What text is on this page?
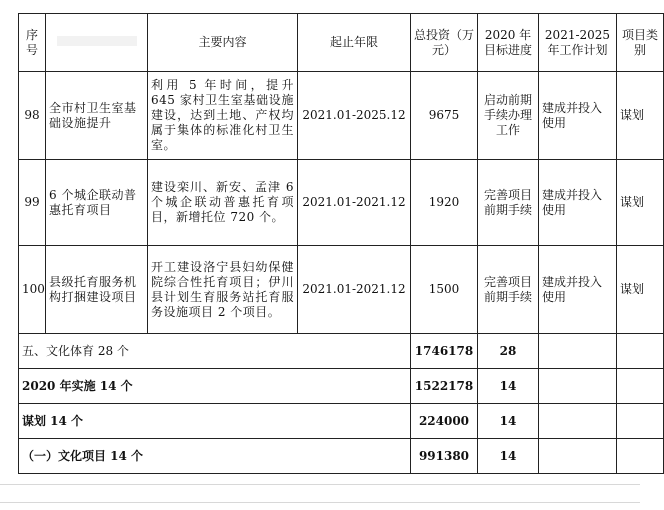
序号		主要内容	起止年限	总投资（万元）	2020 年目标进度	2021-2025 年工作计划	项目类别
98	全市村卫生室基础设施提升	利用 5 年时间，提升 645 家村卫生室基础设施建设，达到土地、产权均属于集体的标准化村卫生室。	2021.01-2025.12	9675	启动前期手续办理工作	建成并投入使用	谋划
99	6 个城企联动普惠托育项目	建设栾川、新安、孟津 6 个城企联动普惠托育项目，新增托位 720 个。	2021.01-2021.12	1920	完善项目前期手续	建成并投入使用	谋划
100	县级托育服务机构打捆建设项目	开工建设洛宁县妇幼保健院综合性托育项目；伊川县计划生育服务站托育服务设施项目 2 个项目。	2021.01-2021.12	1500	完善项目前期手续	建成并投入使用	谋划
五、文化体育 28 个				1746178	28		
2020 年实施 14 个				1522178	14		
谋划 14 个				224000	14		
（一）文化项目 14 个				991380	14		
